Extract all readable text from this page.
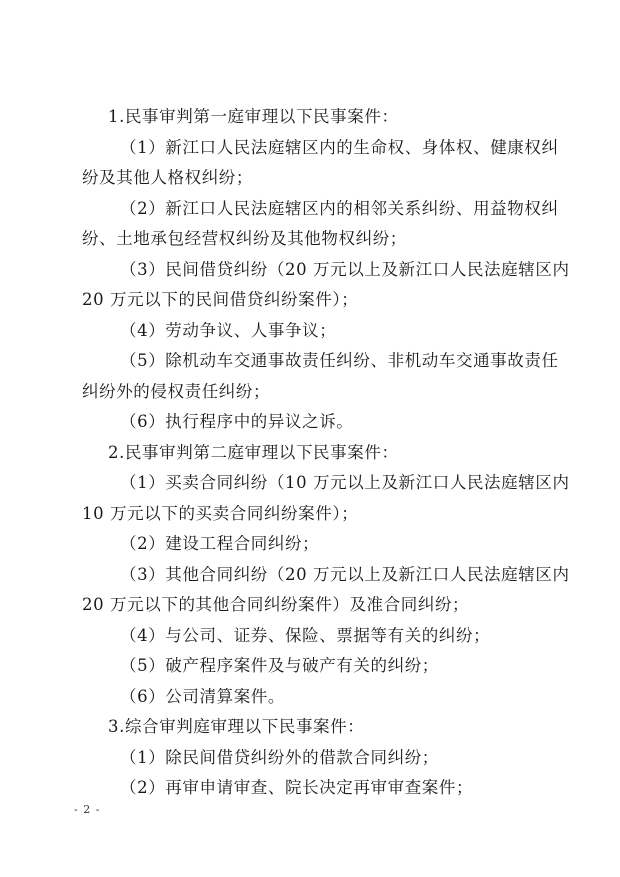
1.民事审判第一庭审理以下民事案件：
（1）新江口人民法庭辖区内的生命权、身体权、健康权纠
纷及其他人格权纠纷；
（2）新江口人民法庭辖区内的相邻关系纠纷、用益物权纠
纷、土地承包经营权纠纷及其他物权纠纷；
（3）民间借贷纠纷（20 万元以上及新江口人民法庭辖区内
20 万元以下的民间借贷纠纷案件）；
（4）劳动争议、人事争议；
（5）除机动车交通事故责任纠纷、非机动车交通事故责任
纠纷外的侵权责任纠纷；
（6）执行程序中的异议之诉。
2.民事审判第二庭审理以下民事案件：
（1）买卖合同纠纷（10 万元以上及新江口人民法庭辖区内
10 万元以下的买卖合同纠纷案件）；
（2）建设工程合同纠纷；
（3）其他合同纠纷（20 万元以上及新江口人民法庭辖区内
20 万元以下的其他合同纠纷案件）及准合同纠纷；
（4）与公司、证券、保险、票据等有关的纠纷；
（5）破产程序案件及与破产有关的纠纷；
（6）公司清算案件。
3.综合审判庭审理以下民事案件：
（1）除民间借贷纠纷外的借款合同纠纷；
（2）再审申请审查、院长决定再审审查案件；
- 2 -
